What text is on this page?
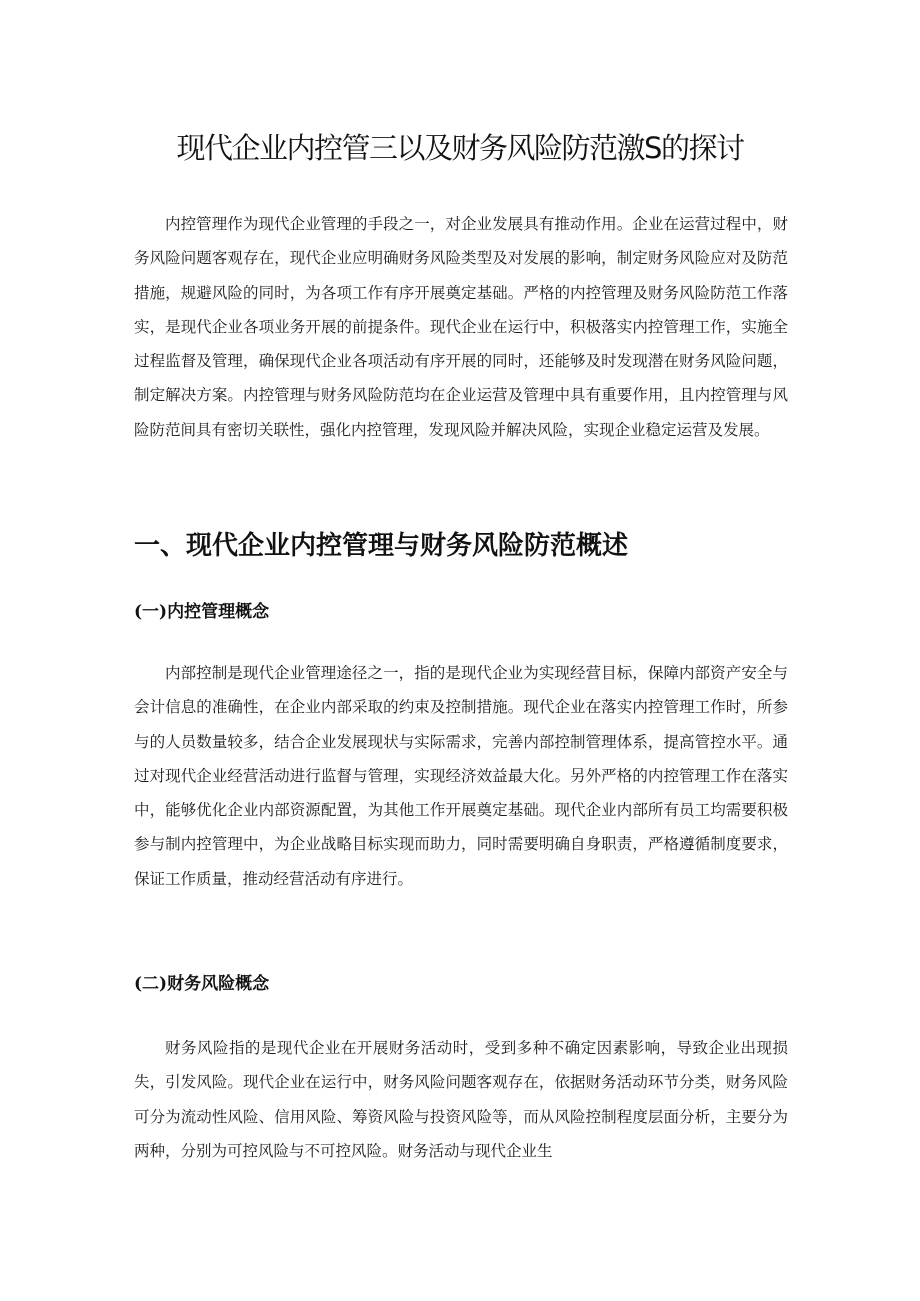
现代企业内控管三以及财务风险防范激S的探讨

内控管理作为现代企业管理的手段之一，对企业发展具有推动作用。企业在运营过程中，财务风险问题客观存在，现代企业应明确财务风险类型及对发展的影响，制定财务风险应对及防范措施，规避风险的同时，为各项工作有序开展奠定基础。严格的内控管理及财务风险防范工作落实，是现代企业各项业务开展的前提条件。现代企业在运行中，积极落实内控管理工作，实施全过程监督及管理，确保现代企业各项活动有序开展的同时，还能够及时发现潜在财务风险问题，制定解决方案。内控管理与财务风险防范均在企业运营及管理中具有重要作用，且内控管理与风险防范间具有密切关联性，强化内控管理，发现风险并解决风险，实现企业稳定运营及发展。

一、现代企业内控管理与财务风险防范概述
(一)内控管理概念

内部控制是现代企业管理途径之一，指的是现代企业为实现经营目标，保障内部资产安全与会计信息的准确性，在企业内部采取的约束及控制措施。现代企业在落实内控管理工作时，所参与的人员数量较多，结合企业发展现状与实际需求，完善内部控制管理体系，提高管控水平。通过对现代企业经营活动进行监督与管理，实现经济效益最大化。另外严格的内控管理工作在落实中，能够优化企业内部资源配置，为其他工作开展奠定基础。现代企业内部所有员工均需要积极参与制内控管理中，为企业战略目标实现而助力，同时需要明确自身职责，严格遵循制度要求，保证工作质量，推动经营活动有序进行。

(二)财务风险概念

财务风险指的是现代企业在开展财务活动时，受到多种不确定因素影响，导致企业出现损失，引发风险。现代企业在运行中，财务风险问题客观存在，依据财务活动环节分类，财务风险可分为流动性风险、信用风险、筹资风险与投资风险等，而从风险控制程度层面分析，主要分为两种，分别为可控风险与不可控风险。财务活动与现代企业生
